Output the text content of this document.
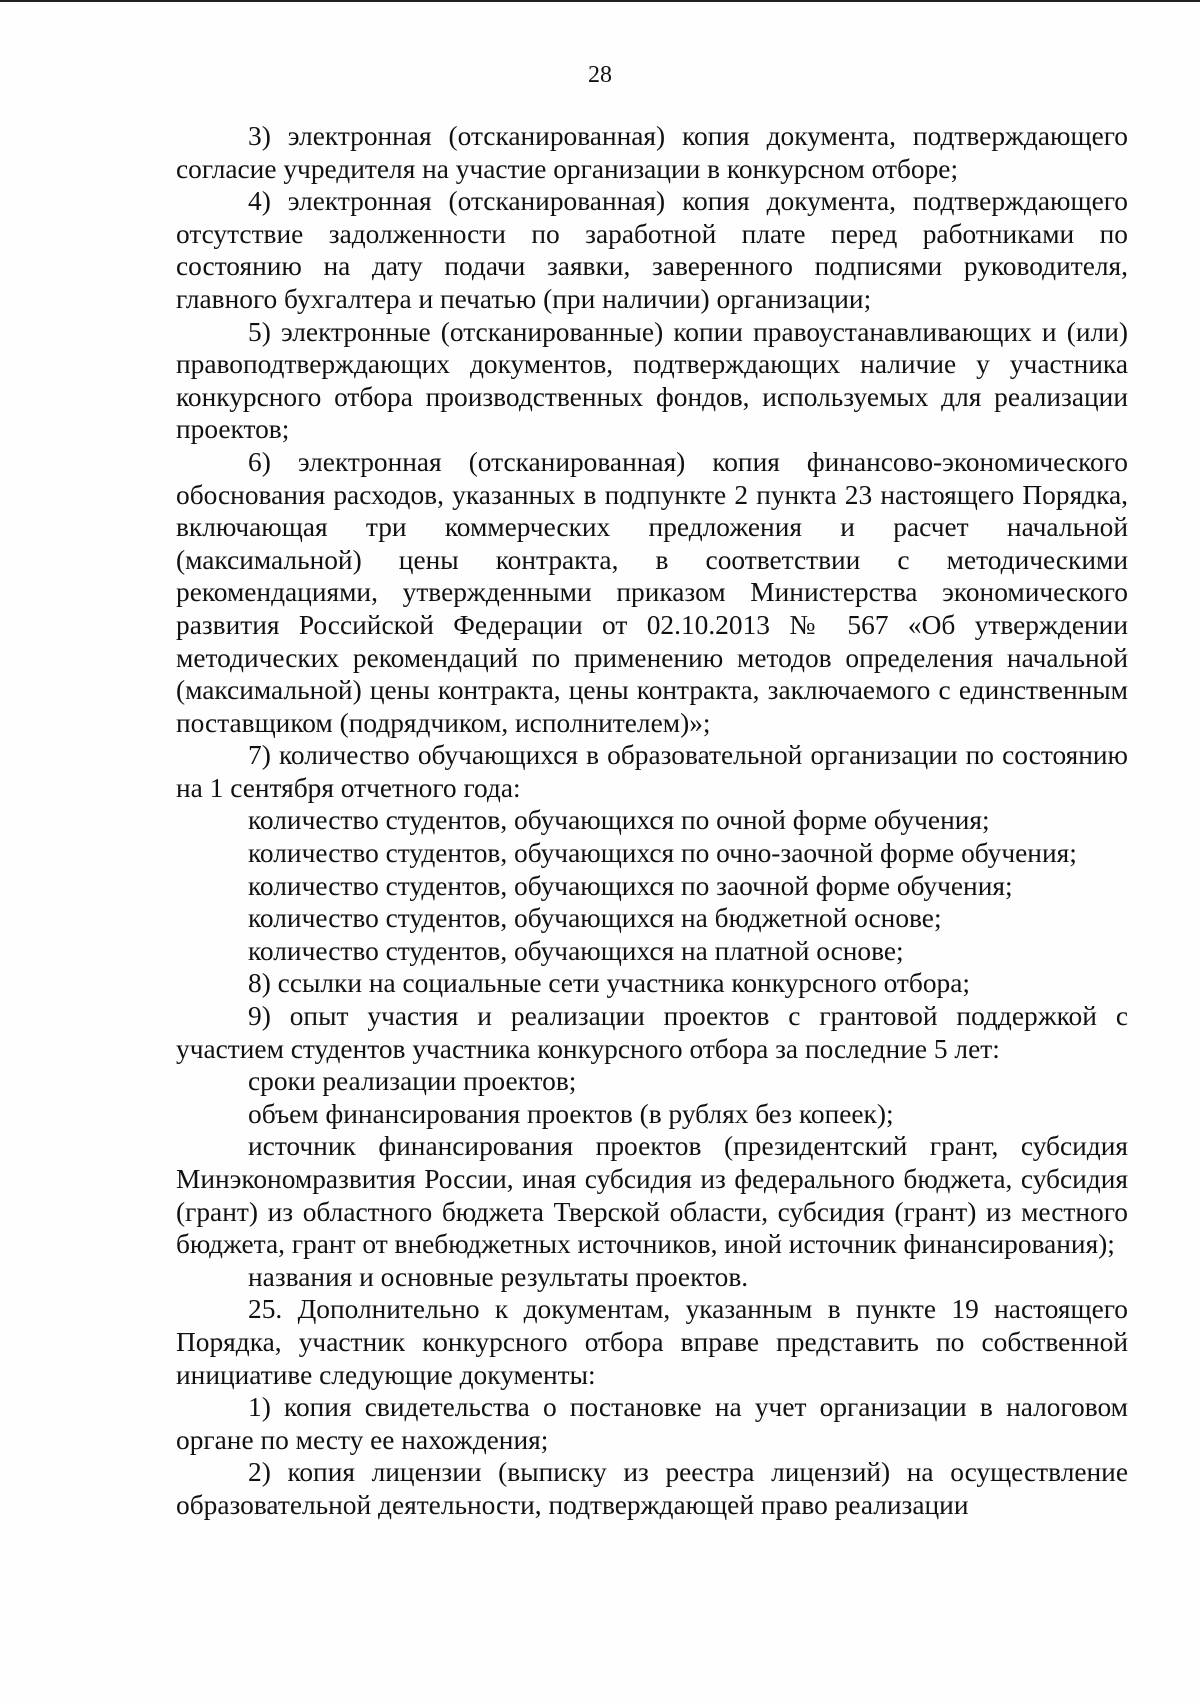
28

3) электронная (отсканированная) копия документа, подтверждающего согласие учредителя на участие организации в конкурсном отборе;

4) электронная (отсканированная) копия документа, подтверждающего отсутствие задолженности по заработной плате перед работниками по состоянию на дату подачи заявки, заверенного подписями руководителя, главного бухгалтера и печатью (при наличии) организации;

5) электронные (отсканированные) копии правоустанавливающих и (или) правоподтверждающих документов, подтверждающих наличие у участника конкурсного отбора производственных фондов, используемых для реализации проектов;

6) электронная (отсканированная) копия финансово-экономического обоснования расходов, указанных в подпункте 2 пункта 23 настоящего Порядка, включающая три коммерческих предложения и расчет начальной (максимальной) цены контракта, в соответствии с методическими рекомендациями, утвержденными приказом Министерства экономического развития Российской Федерации от 02.10.2013 № 567 «Об утверждении методических рекомендаций по применению методов определения начальной (максимальной) цены контракта, цены контракта, заключаемого с единственным поставщиком (подрядчиком, исполнителем)»;

7) количество обучающихся в образовательной организации по состоянию на 1 сентября отчетного года:

количество студентов, обучающихся по очной форме обучения;

количество студентов, обучающихся по очно-заочной форме обучения;

количество студентов, обучающихся по заочной форме обучения;

количество студентов, обучающихся на бюджетной основе;

количество студентов, обучающихся на платной основе;

8) ссылки на социальные сети участника конкурсного отбора;

9) опыт участия и реализации проектов с грантовой поддержкой с участием студентов участника конкурсного отбора за последние 5 лет:

сроки реализации проектов;

объем финансирования проектов (в рублях без копеек);

источник финансирования проектов (президентский грант, субсидия Минэкономразвития России, иная субсидия из федерального бюджета, субсидия (грант) из областного бюджета Тверской области, субсидия (грант) из местного бюджета, грант от внебюджетных источников, иной источник финансирования);

названия и основные результаты проектов.

25. Дополнительно к документам, указанным в пункте 19 настоящего Порядка, участник конкурсного отбора вправе представить по собственной инициативе следующие документы:

1) копия свидетельства о постановке на учет организации в налоговом органе по месту ее нахождения;

2) копия лицензии (выписку из реестра лицензий) на осуществление образовательной деятельности, подтверждающей право реализации
